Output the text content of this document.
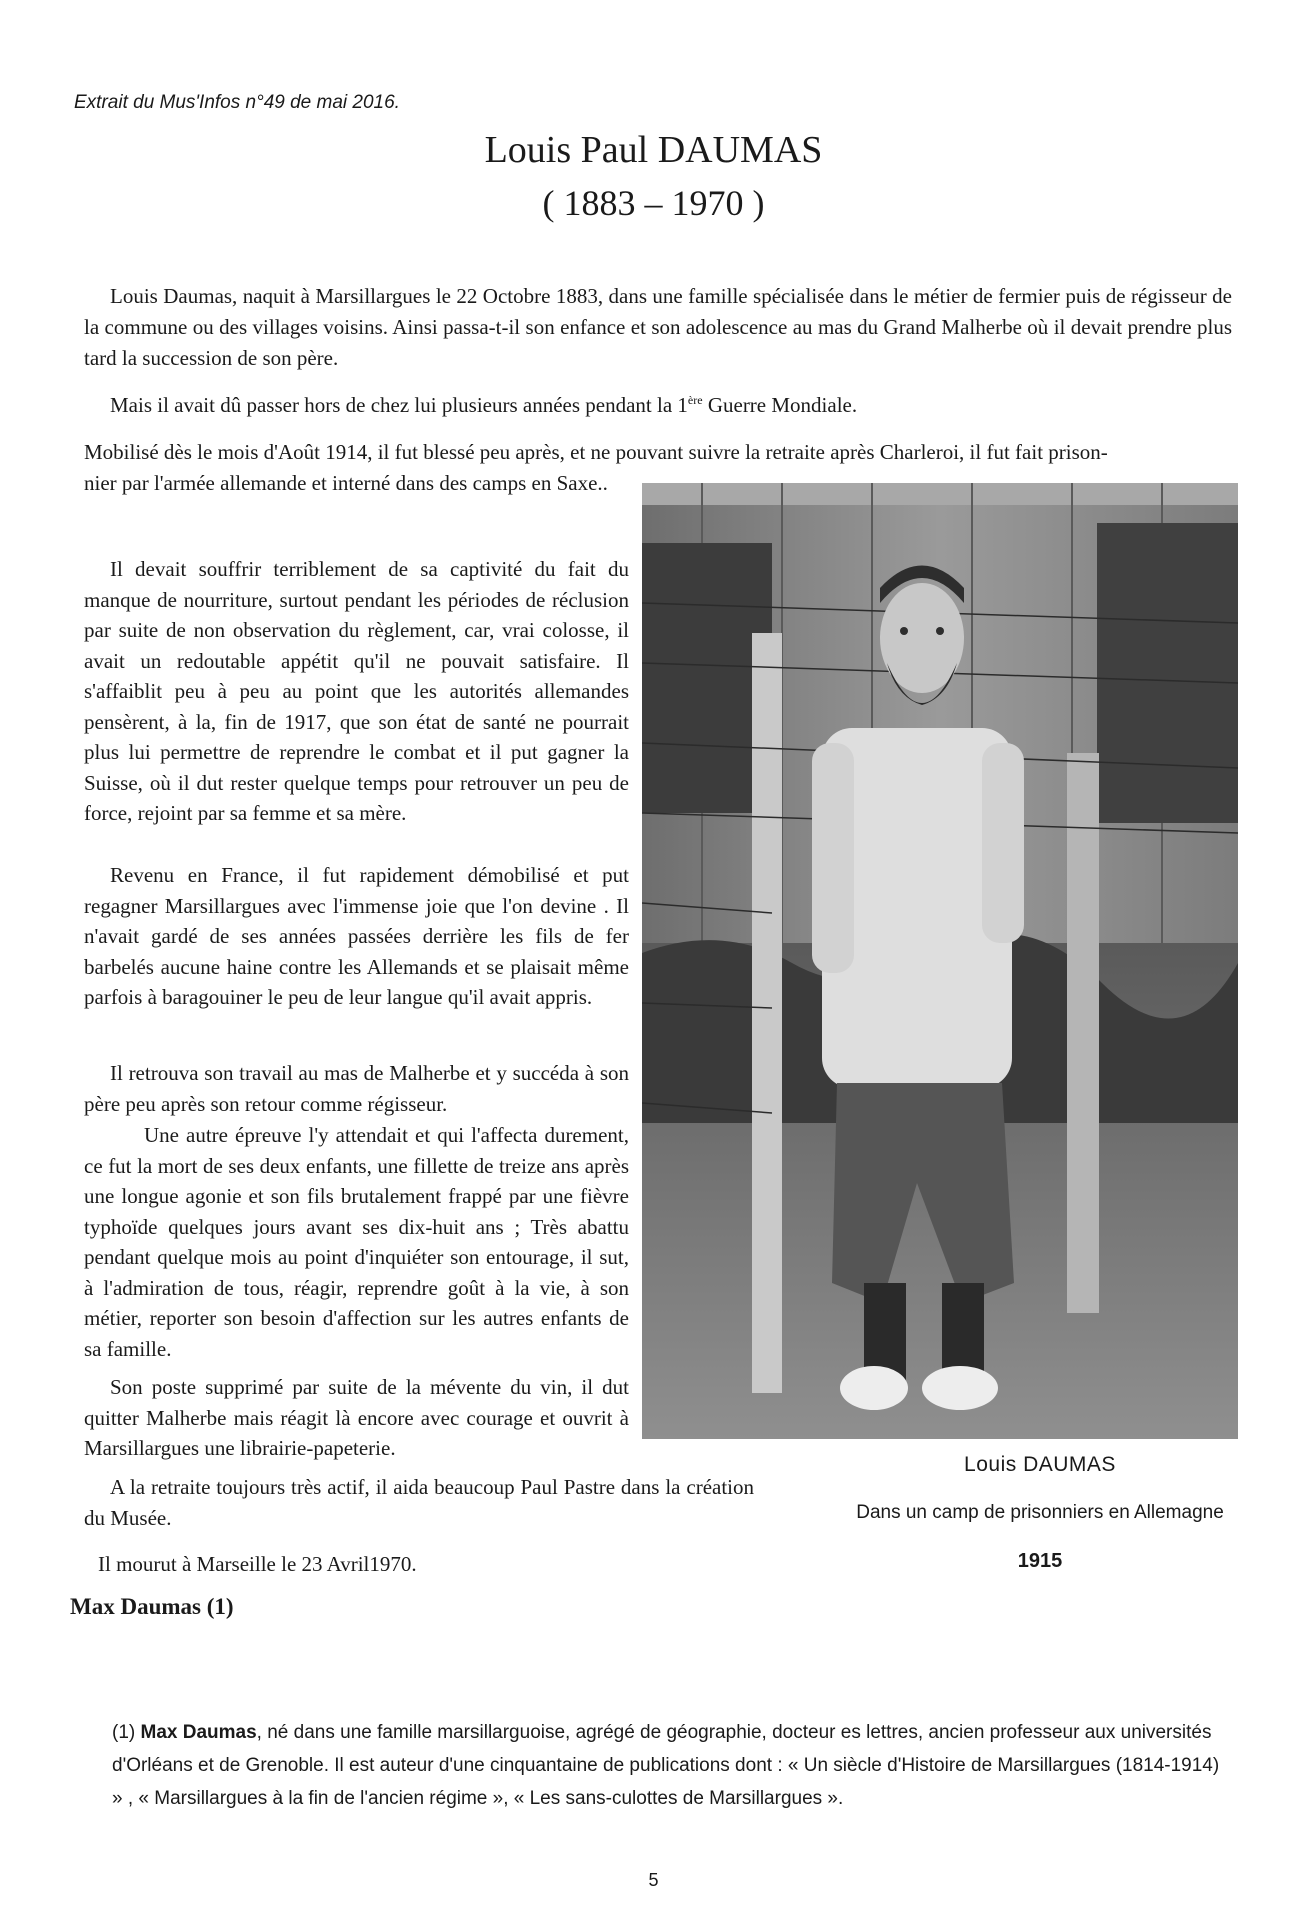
Extrait du Mus'Infos n°49 de mai 2016.
Louis Paul DAUMAS
( 1883 – 1970 )

Louis Daumas, naquit à Marsillargues le 22 Octobre 1883, dans une famille spécialisée dans le métier de fermier puis de régisseur de la commune ou des villages voisins. Ainsi passa-t-il son enfance et son adolescence au mas du Grand Malherbe où il devait prendre plus tard la succession de son père.

Mais il avait dû passer hors de chez lui plusieurs années pendant la 1ère Guerre Mondiale.

Mobilisé dès le mois d'Août 1914, il fut blessé peu après, et ne pouvant suivre la retraite après Charleroi, il fut fait prison-

nier par l'armée allemande et interné dans des camps en Saxe..

Il devait souffrir terriblement de sa captivité du fait du manque de nourriture, surtout pendant les périodes de réclusion par suite de non observation du règlement, car, vrai colosse, il avait un redoutable appétit qu'il ne pouvait satisfaire. Il s'affaiblit peu à peu au point que les autorités allemandes pensèrent, à la, fin de 1917, que son état de santé ne pourrait plus lui permettre de reprendre le combat et il put gagner la Suisse, où il dut rester quelque temps pour retrouver un peu de force, rejoint par sa femme et sa mère.

Revenu en France, il fut rapidement démobilisé et put regagner Marsillargues avec l'immense joie que l'on devine . Il n'avait gardé de ses années passées derrière les fils de fer barbelés aucune haine contre les Allemands et se plaisait même parfois à baragouiner le peu de leur langue qu'il avait appris.

Il retrouva son travail au mas de Malherbe et y succéda à son père peu après son retour comme régisseur.

Une autre épreuve l'y attendait et qui l'affecta durement, ce fut la mort de ses deux enfants, une fillette de treize ans après une longue agonie et son fils brutalement frappé par une fièvre typhoïde quelques jours avant ses dix-huit ans ; Très abattu pendant quelque mois au point d'inquiéter son entourage, il sut, à l'admiration de tous, réagir, reprendre goût à la vie, à son métier, reporter son besoin d'affection sur les autres enfants de sa famille.

Son poste supprimé par suite de la mévente du vin, il dut quitter Malherbe mais réagit là encore avec courage et ouvrit à Marsillargues une librairie-papeterie.

A la retraite toujours très actif, il aida beaucoup Paul Pastre dans la création du Musée.

Il mourut à Marseille le 23 Avril1970.

Max Daumas (1)
Louis DAUMAS
Dans un camp de prisonniers en Allemagne
1915
(1) Max Daumas, né dans une famille marsillarguoise, agrégé de géographie, docteur es lettres, ancien professeur aux universités d'Orléans et de Grenoble. Il est auteur d'une cinquantaine de publications dont : « Un siècle d'Histoire de Marsillargues (1814-1914) » , « Marsillargues à la fin de l'ancien régime », « Les sans-culottes de Marsillargues ».
5
